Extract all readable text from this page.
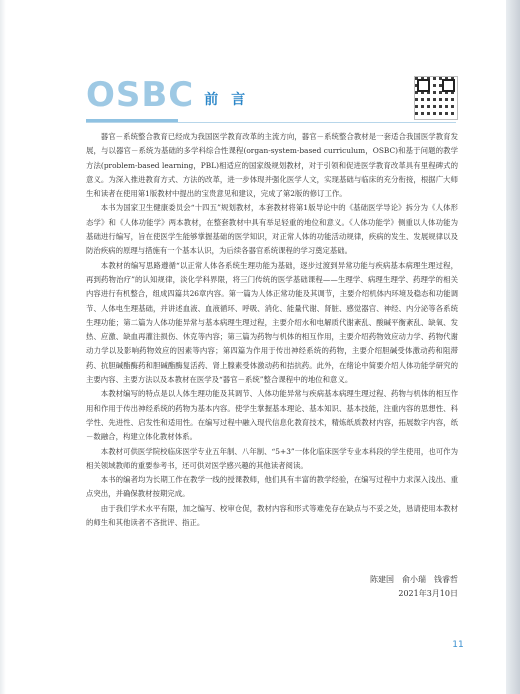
OSBC 前 言

器官－系统整合教育已经成为我国医学教育改革的主流方向，器官－系统整合教材是一套适合我国医学教育发展，与以器官－系统为基础的多学科综合性课程(organ-system-based curriculum，OSBC)和基于问题的教学方法(problem-based learning，PBL)相适应的国家级规划教材，对于引领和促进医学教育改革具有里程碑式的意义。为深入推进教育方式、方法的改革，进一步体现并强化医学人文，实现基础与临床的充分衔接，根据广大师生和读者在使用第1版教材中提出的宝贵意见和建议，完成了第2版的修订工作。

本书为国家卫生健康委员会“十四五”规划教材，本套教材将第1版导论中的《基础医学导论》拆分为《人体形态学》和《人体功能学》两本教材，在整套教材中具有举足轻重的地位和意义。《人体功能学》侧重以人体功能为基础进行编写，旨在使医学生能够掌握基础的医学知识，对正常人体的功能活动规律，疾病的发生、发展规律以及防治疾病的原理与措施有一个基本认识，为后续各器官系统课程的学习奠定基础。

本教材的编写思路遵循“以正常人体各系统生理功能为基础，逐步过渡到异常功能与疾病基本病理生理过程，再到药物治疗”的认知规律，淡化学科界限，将三门传统的医学基础课程——生理学、病理生理学、药理学的相关内容进行有机整合，组成四篇共26章内容。第一篇为人体正常功能及其调节，主要介绍机体内环境及稳态和功能调节、人体电生理基础，并讲述血液、血液循环、呼吸、消化、能量代谢、肾脏、感觉器官、神经、内分泌等各系统生理功能；第二篇为人体功能异常与基本病理生理过程，主要介绍水和电解质代谢紊乱、酸碱平衡紊乱、缺氧、发热、应激、缺血再灌注损伤、休克等内容；第三篇为药物与机体的相互作用，主要介绍药物效应动力学、药物代谢动力学以及影响药物效应的因素等内容；第四篇为作用于传出神经系统的药物，主要介绍胆碱受体激动药和阻滞药、抗胆碱酯酶药和胆碱酯酶复活药、肾上腺素受体激动药和拮抗药。此外，在绪论中简要介绍人体功能学研究的主要内容、主要方法以及本教材在医学及“器官－系统”整合课程中的地位和意义。

本教材编写的特点是以人体生理功能及其调节、人体功能异常与疾病基本病理生理过程、药物与机体的相互作用和作用于传出神经系统的药物为基本内容。使学生掌握基本理论、基本知识、基本技能，注重内容的思想性、科学性、先进性、启发性和适用性。在编写过程中融入现代信息化教育技术，精炼纸质教材内容，拓展数字内容，纸－数融合，构建立体化教材体系。

本教材可供医学院校临床医学专业五年制、八年制、“5+3”一体化临床医学专业本科段的学生使用，也可作为相关领域教师的重要参考书，还可供对医学感兴趣的其他读者阅读。

本书的编者均为长期工作在教学一线的授课教师，他们具有丰富的教学经验，在编写过程中力求深入浅出、重点突出，并确保教材按期完成。

由于我们学术水平有限，加之编写、校审仓促，教材内容和形式等难免存在缺点与不妥之处，恳请使用本教材的师生和其他读者不吝批评、指正。

陈建国　俞小瑞　钱睿哲
2021年3月10日
11
